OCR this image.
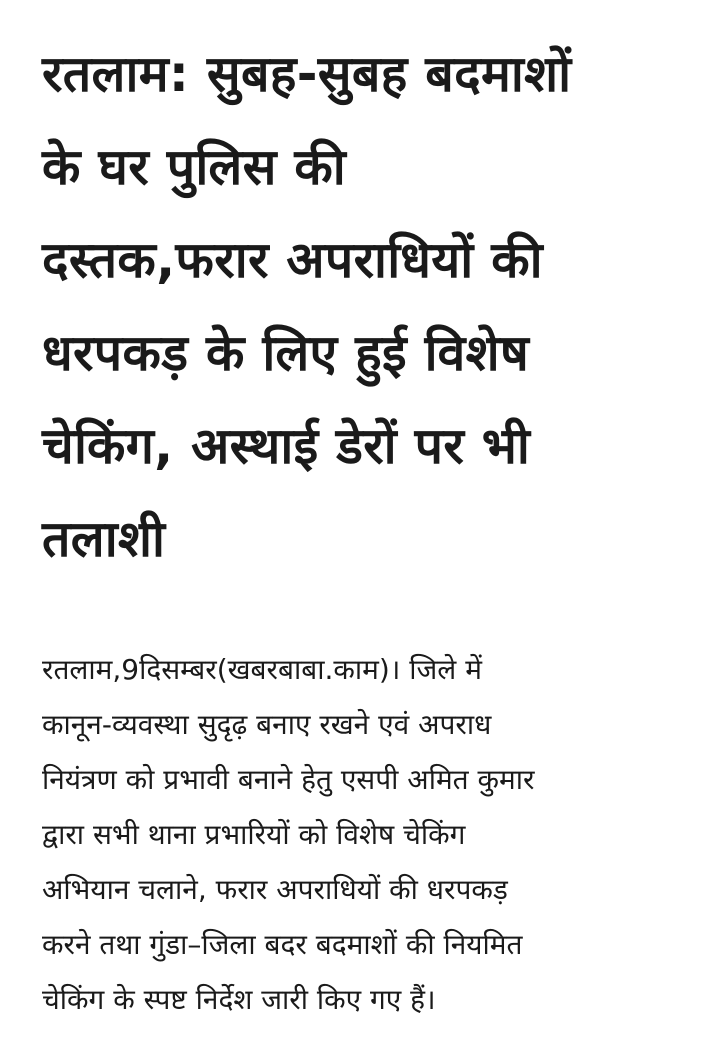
रतलाम: सुबह-सुबह बदमाशों
के घर पुलिस की
दस्तक,फरार अपराधियों की
धरपकड़ के लिए हुई विशेष
चेकिंग, अस्थाई डेरों पर भी
तलाशी

रतलाम,9दिसम्बर(खबरबाबा.काम)। जिले में
कानून-व्यवस्था सुदृढ़ बनाए रखने एवं अपराध
नियंत्रण को प्रभावी बनाने हेतु एसपी अमित कुमार
द्वारा सभी थाना प्रभारियों को विशेष चेकिंग
अभियान चलाने, फरार अपराधियों की धरपकड़
करने तथा गुंडा–जिला बदर बदमाशों की नियमित
चेकिंग के स्पष्ट निर्देश जारी किए गए हैं।
